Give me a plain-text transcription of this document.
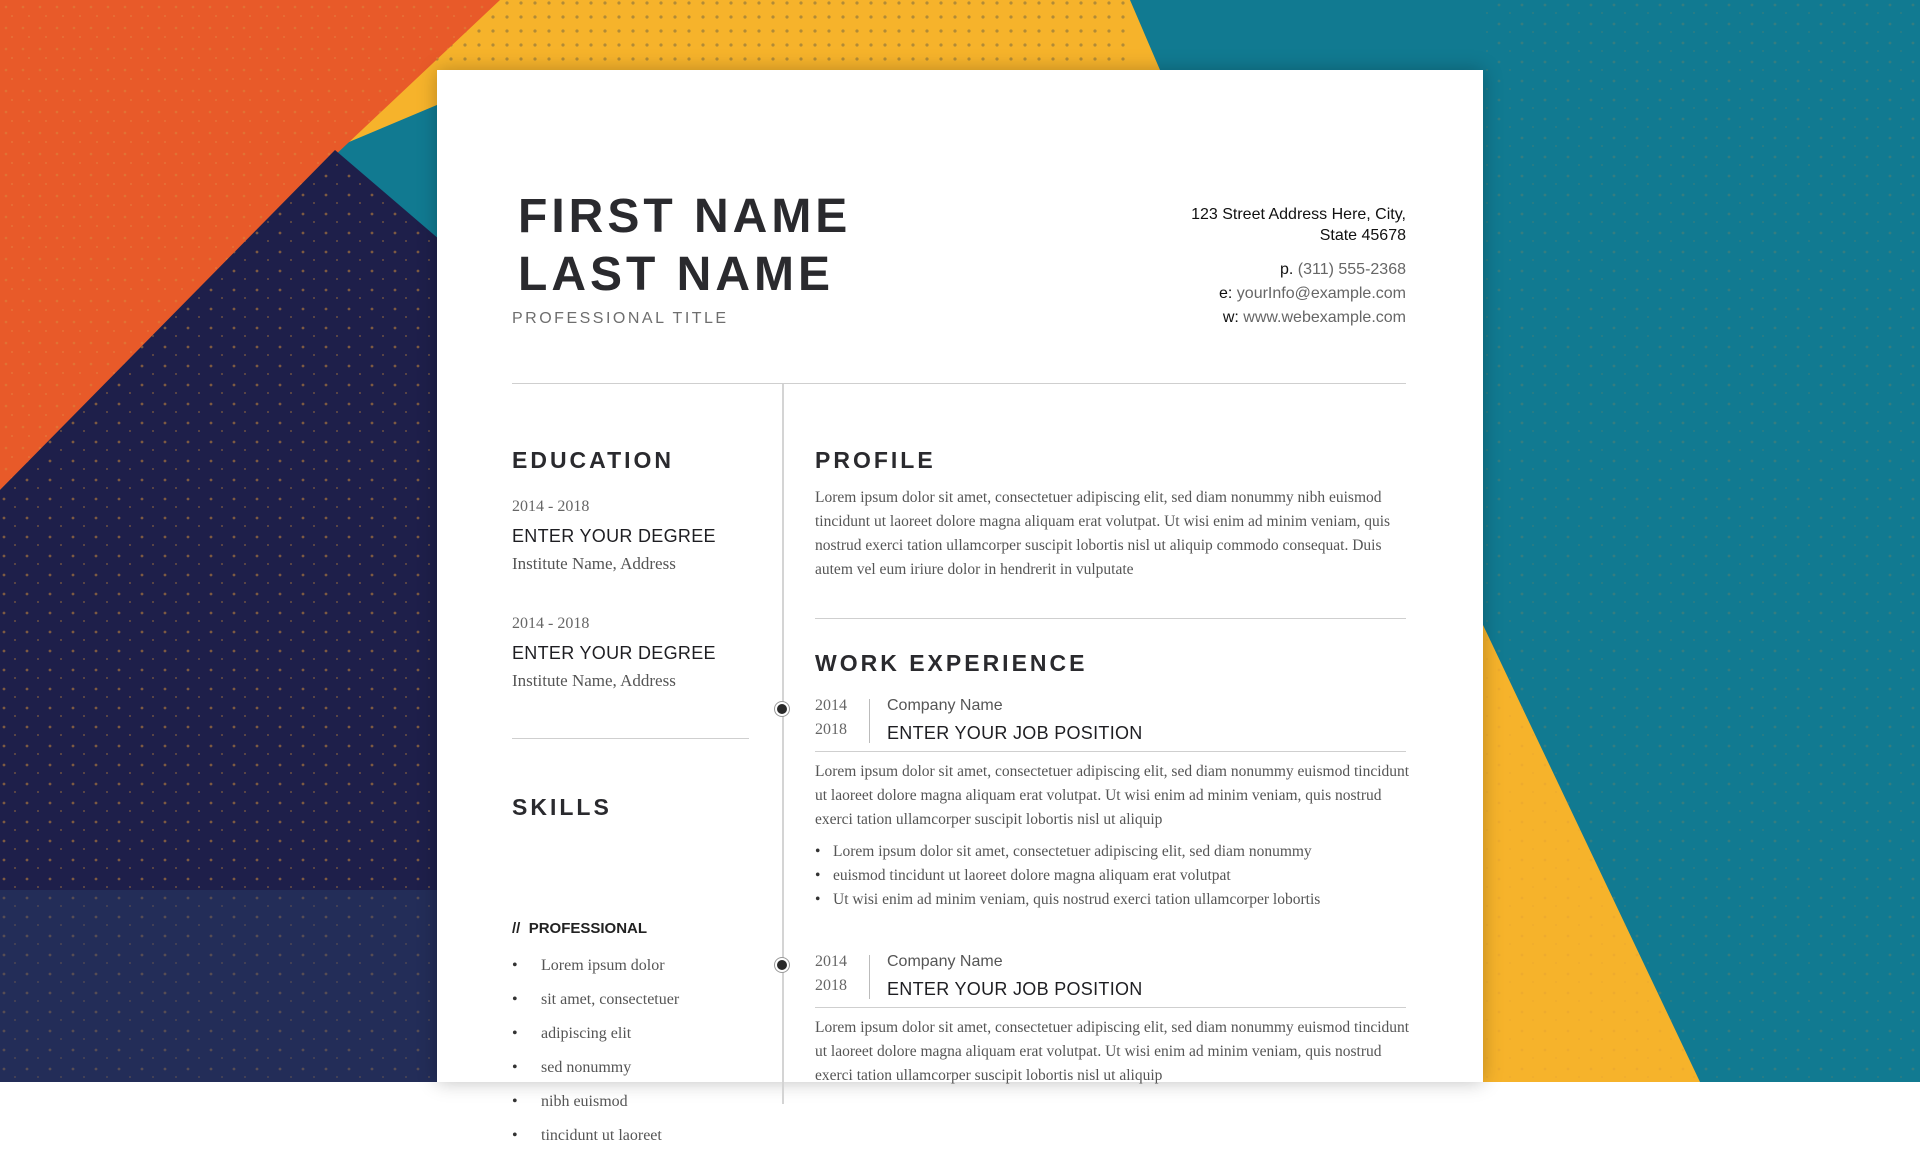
FIRST NAME
LAST NAME
PROFESSIONAL TITLE
123 Street Address Here, City,
State 45678
p. (311) 555-2368
e: yourInfo@example.com
w: www.webexample.com
EDUCATION
2014 - 2018
ENTER YOUR DEGREE
Institute Name, Address
2014 - 2018
ENTER YOUR DEGREE
Institute Name, Address
SKILLS
// PROFESSIONAL
• Lorem ipsum dolor
• sit amet, consectetuer
• adipiscing elit
• sed nonummy
• nibh euismod
• tincidunt ut laoreet
PROFILE
Lorem ipsum dolor sit amet, consectetuer adipiscing elit, sed diam nonummy nibh euismod tincidunt ut laoreet dolore magna aliquam erat volutpat. Ut wisi enim ad minim veniam, quis nostrud exerci tation ullamcorper suscipit lobortis nisl ut aliquip commodo consequat. Duis autem vel eum iriure dolor in hendrerit in vulputate
WORK EXPERIENCE
2014
2018
Company Name
ENTER YOUR JOB POSITION
Lorem ipsum dolor sit amet, consectetuer adipiscing elit, sed diam nonummy euismod tincidunt ut laoreet dolore magna aliquam erat volutpat. Ut wisi enim ad minim veniam, quis nostrud exerci tation ullamcorper suscipit lobortis nisl ut aliquip
• Lorem ipsum dolor sit amet, consectetuer adipiscing elit, sed diam nonummy
• euismod tincidunt ut laoreet dolore magna aliquam erat volutpat
• Ut wisi enim ad minim veniam, quis nostrud exerci tation ullamcorper lobortis
2014
2018
Company Name
ENTER YOUR JOB POSITION
Lorem ipsum dolor sit amet, consectetuer adipiscing elit, sed diam nonummy euismod tincidunt ut laoreet dolore magna aliquam erat volutpat. Ut wisi enim ad minim veniam, quis nostrud exerci tation ullamcorper suscipit lobortis nisl ut aliquip
